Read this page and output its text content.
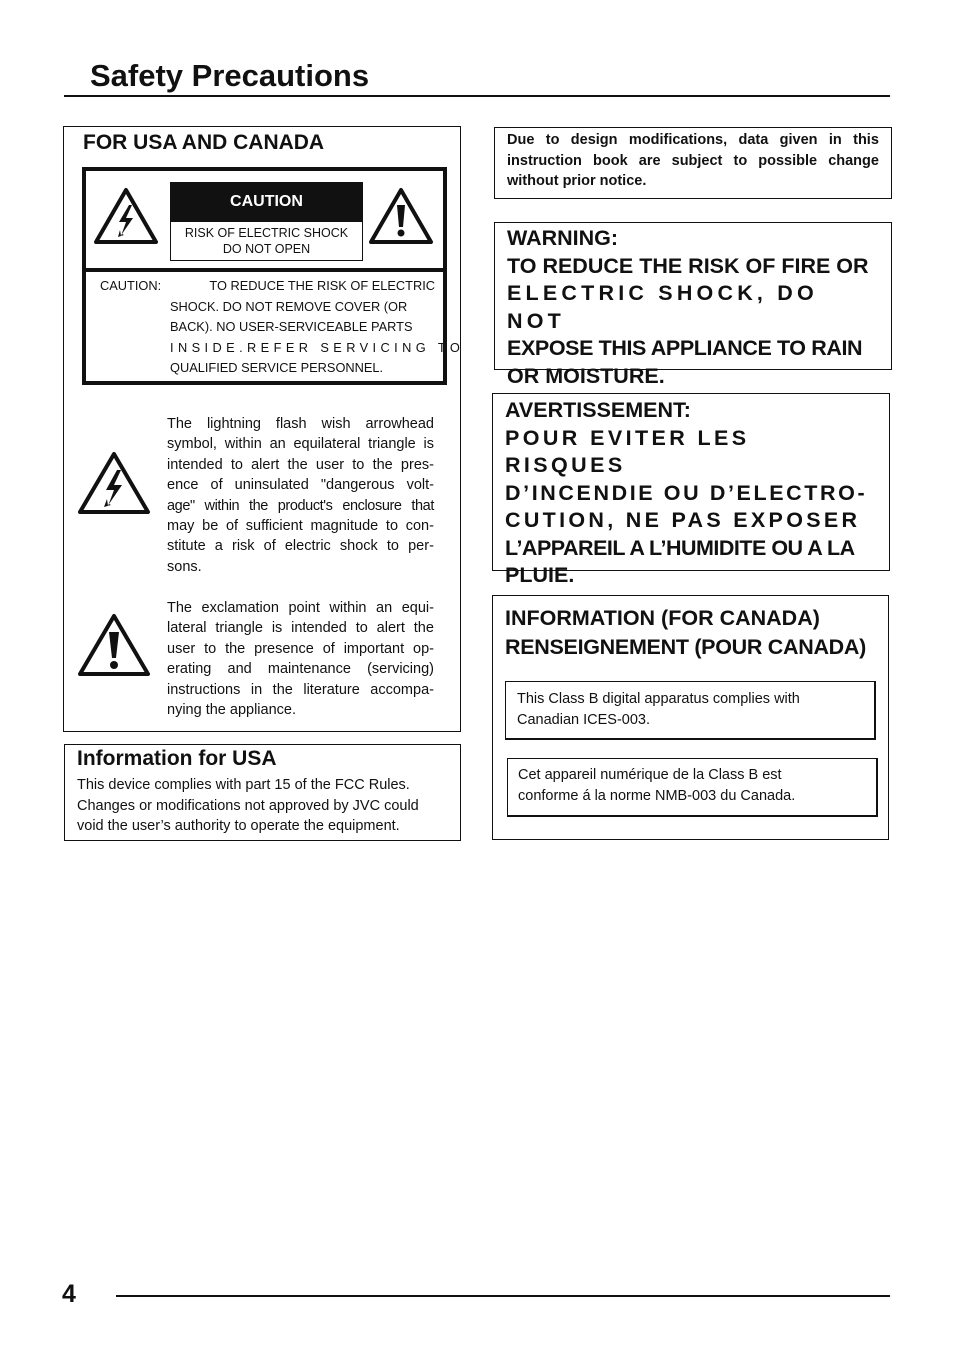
Safety Precautions
FOR USA AND CANADA
CAUTION
RISK OF ELECTRIC SHOCK
DO NOT OPEN
CAUTION:	TO REDUCE THE RISK OF ELECTRIC
SHOCK. DO NOT REMOVE COVER (OR
BACK). NO USER-SERVICEABLE PARTS
INSIDE.REFER SERVICING TO
QUALIFIED SERVICE PERSONNEL.
The lightning flash wish arrowhead
symbol, within an equilateral triangle is
intended to alert the user to the pres-
ence of uninsulated "dangerous volt-
age" within the product's enclosure that
may be of sufficient magnitude to con-
stitute a risk of electric shock to per-
sons.
The exclamation point within an equi-
lateral triangle is intended to alert the
user to the presence of important op-
erating and maintenance (servicing)
instructions in the literature accompa-
nying the appliance.
Information for USA
This device complies with part 15 of the FCC Rules.
Changes or modifications not approved by JVC could
void the user’s authority to operate the equipment.
Due to design modifications, data given in this
instruction book are subject to possible change
without prior notice.
WARNING:
TO REDUCE THE RISK OF FIRE OR
ELECTRIC SHOCK, DO NOT
EXPOSE THIS APPLIANCE TO RAIN
OR MOISTURE.
AVERTISSEMENT:
POUR EVITER LES RISQUES
D’INCENDIE OU D’ELECTRO-
CUTION, NE PAS EXPOSER
L’APPAREIL A L’HUMIDITE OU A LA
PLUIE.
INFORMATION (FOR CANADA)
RENSEIGNEMENT (POUR CANADA)
This Class B digital apparatus complies with
Canadian ICES-003.
Cet appareil numérique de la Class B est
conforme á la norme NMB-003 du Canada.
4
